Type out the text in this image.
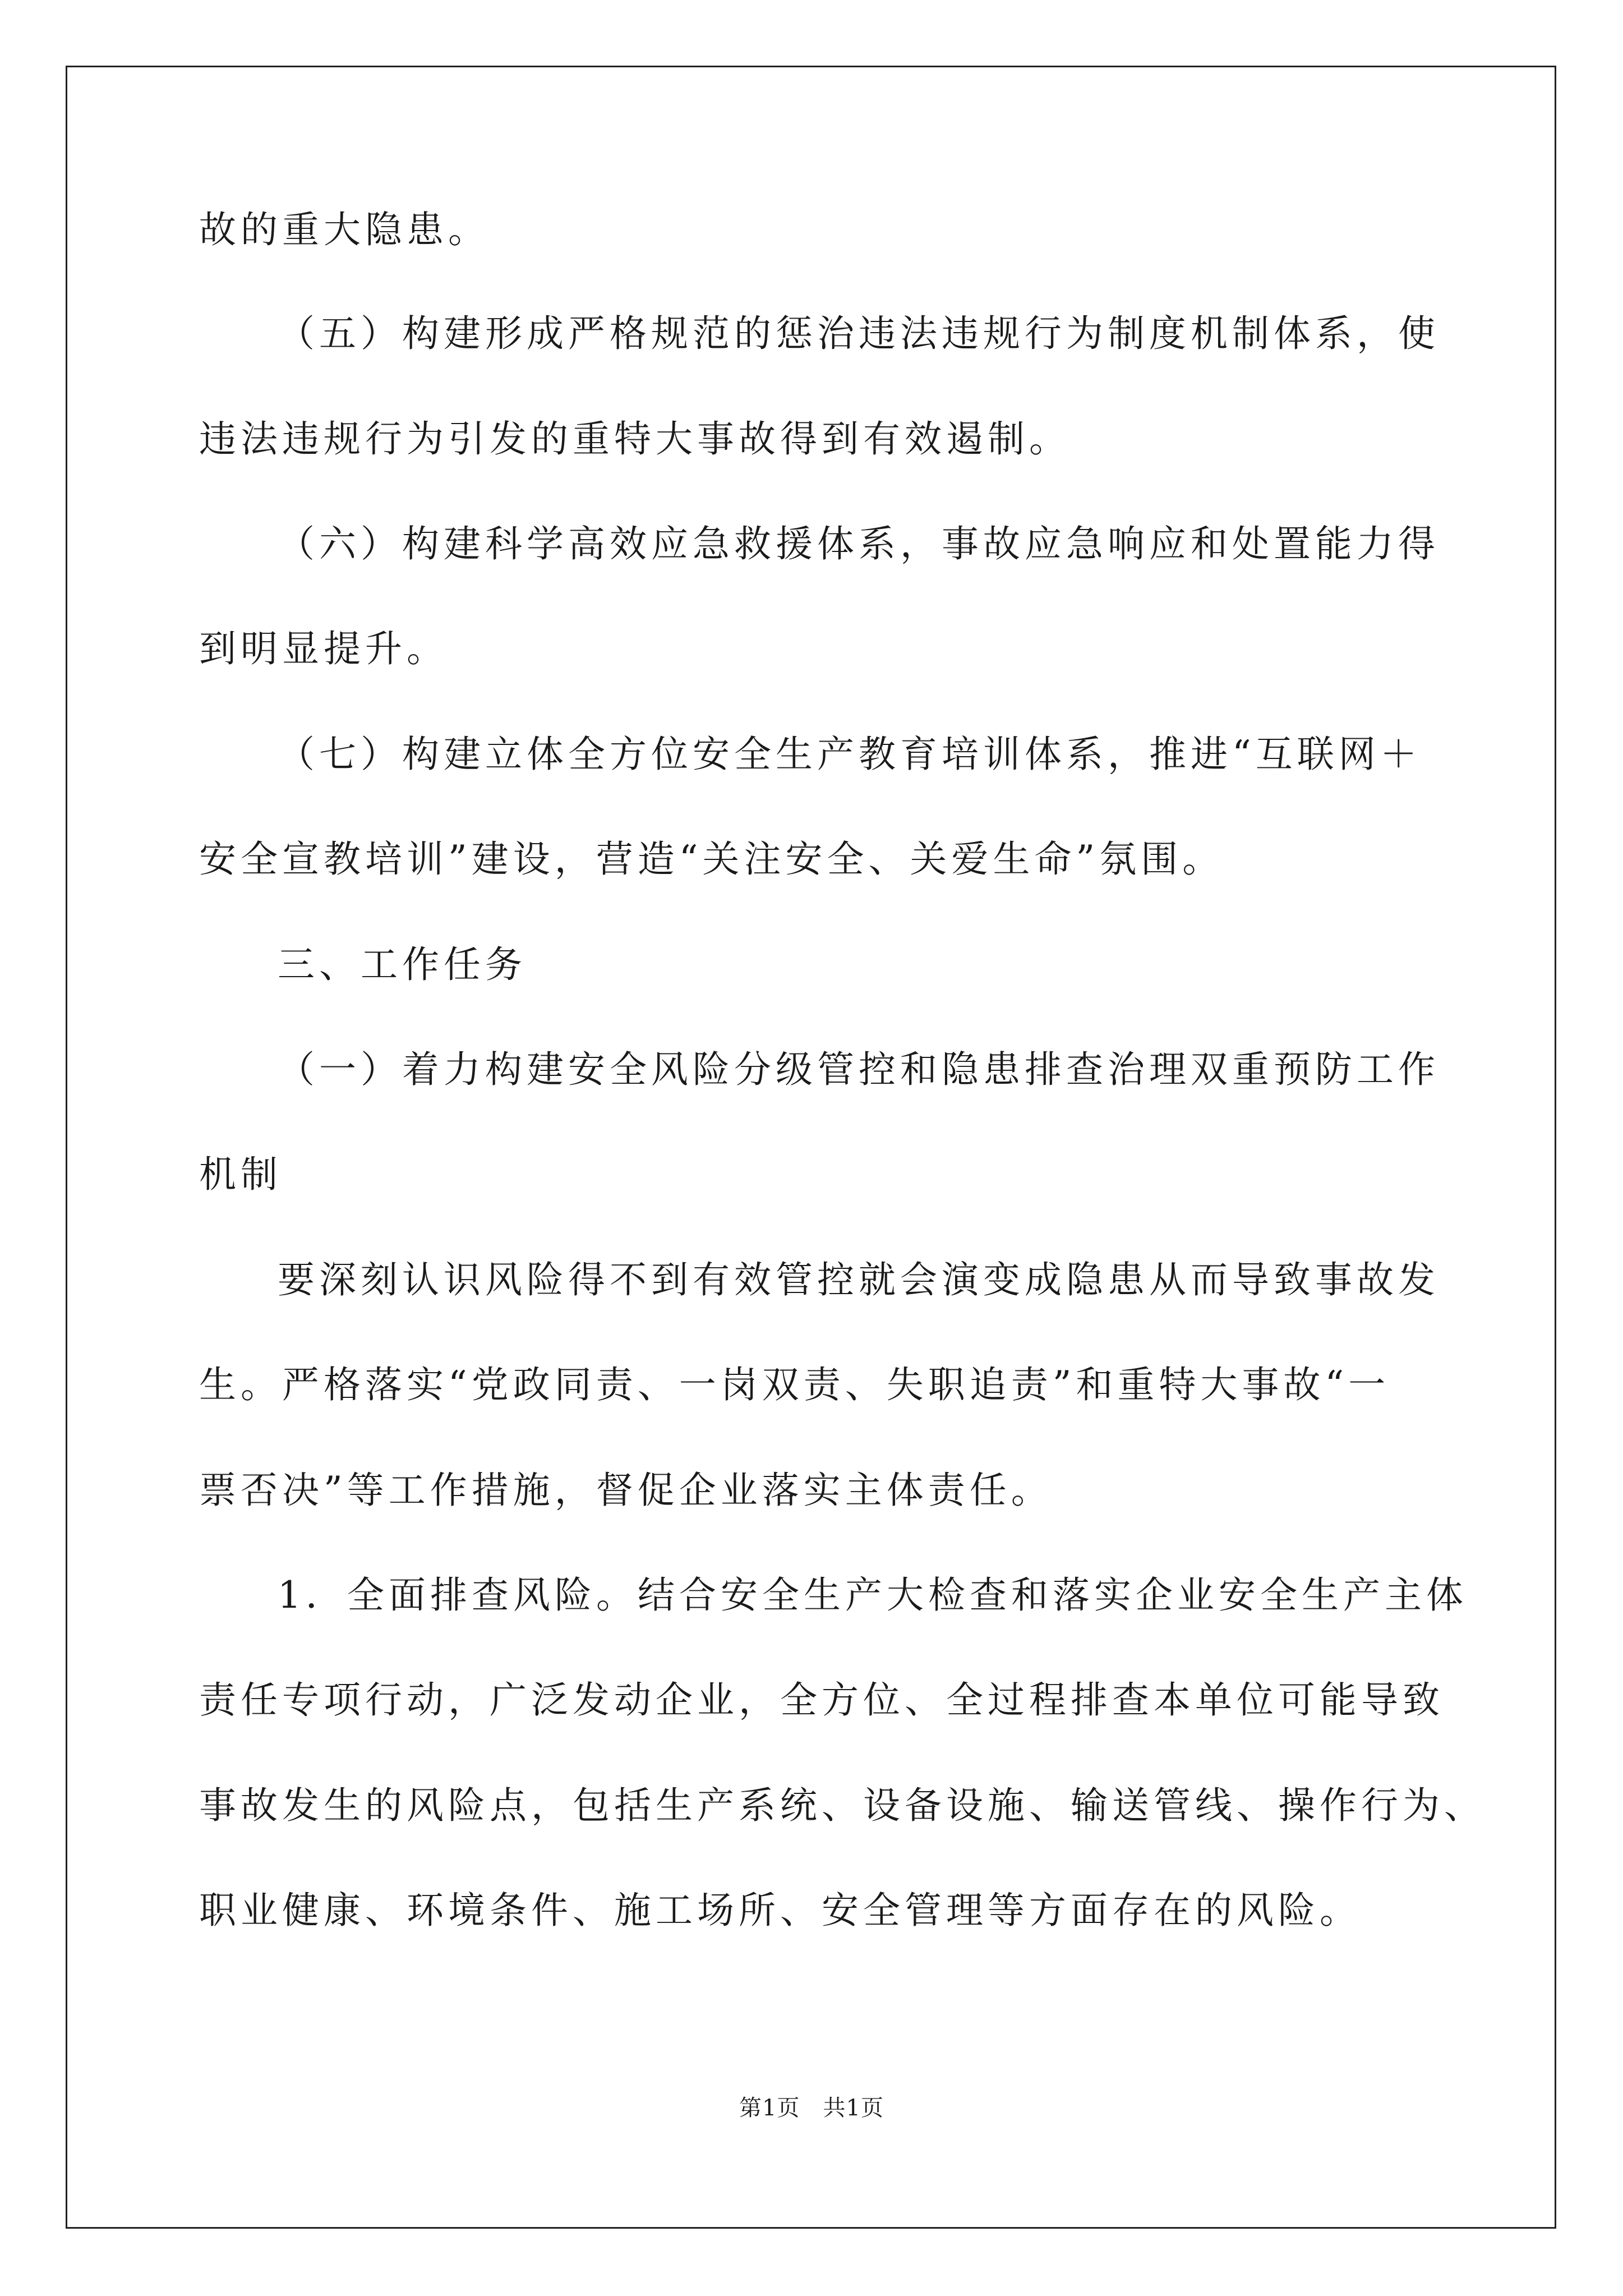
故的重大隐患。
（五）构建形成严格规范的惩治违法违规行为制度机制体系，使
违法违规行为引发的重特大事故得到有效遏制。
（六）构建科学高效应急救援体系，事故应急响应和处置能力得
到明显提升。
（七）构建立体全方位安全生产教育培训体系，推进“互联网＋
安全宣教培训”建设，营造“关注安全、关爱生命”氛围。
三、工作任务
（一）着力构建安全风险分级管控和隐患排查治理双重预防工作
机制
要深刻认识风险得不到有效管控就会演变成隐患从而导致事故发
生。严格落实“党政同责、一岗双责、失职追责”和重特大事故“一
票否决”等工作措施，督促企业落实主体责任。
1．全面排查风险。结合安全生产大检查和落实企业安全生产主体
责任专项行动，广泛发动企业，全方位、全过程排查本单位可能导致
事故发生的风险点，包括生产系统、设备设施、输送管线、操作行为、
职业健康、环境条件、施工场所、安全管理等方面存在的风险。
第1页　共1页
